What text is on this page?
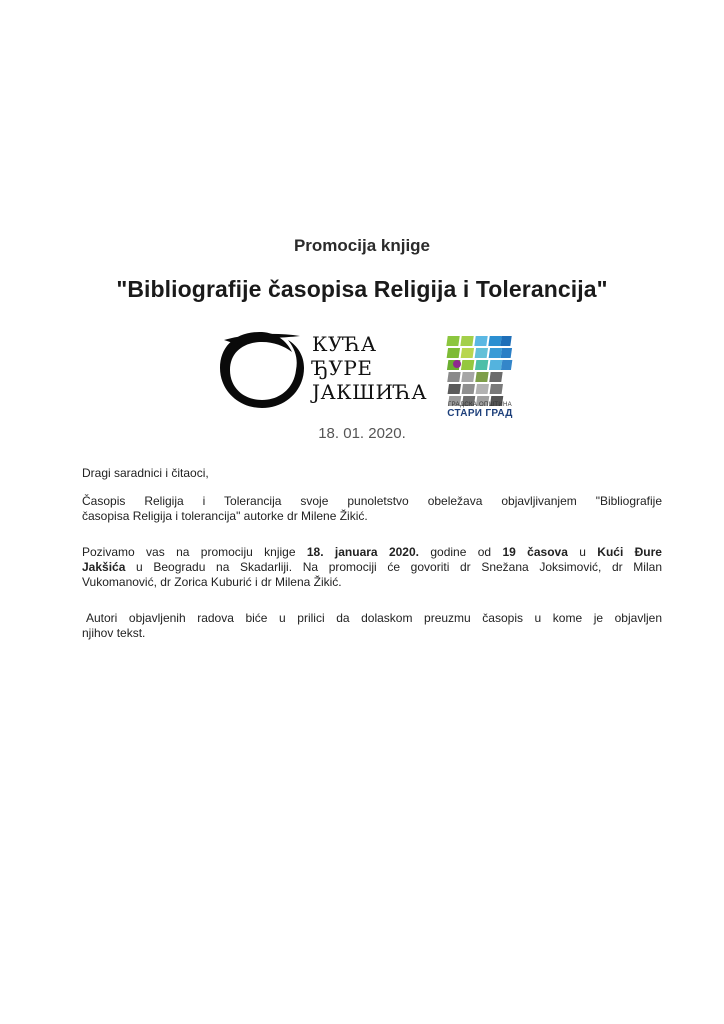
Promocija knjige
"Bibliografije časopisa Religija i Tolerancija"
КУЋА
ЂУРЕ
ЈАКШИЋА
ГРАДСКА ОПШТИНА
СТАРИ ГРАД
18. 01. 2020.
Dragi saradnici i čitaoci,
Časopis Religija i Tolerancija svoje punoletstvo obeležava objavljivanjem "Bibliografije
časopisa Religija i tolerancija" autorke dr Milene Žikić.
Pozivamo vas na promociju knjige 18. januara 2020. godine od 19 časova u Kući Đure
Jakšića u Beogradu na Skadarliji. Na promociji će govoriti dr Snežana Joksimović, dr Milan
Vukomanović, dr Zorica Kuburić i dr Milena Žikić.
Autori objavljenih radova biće u prilici da dolaskom preuzmu časopis u kome je objavljen
njihov tekst.
